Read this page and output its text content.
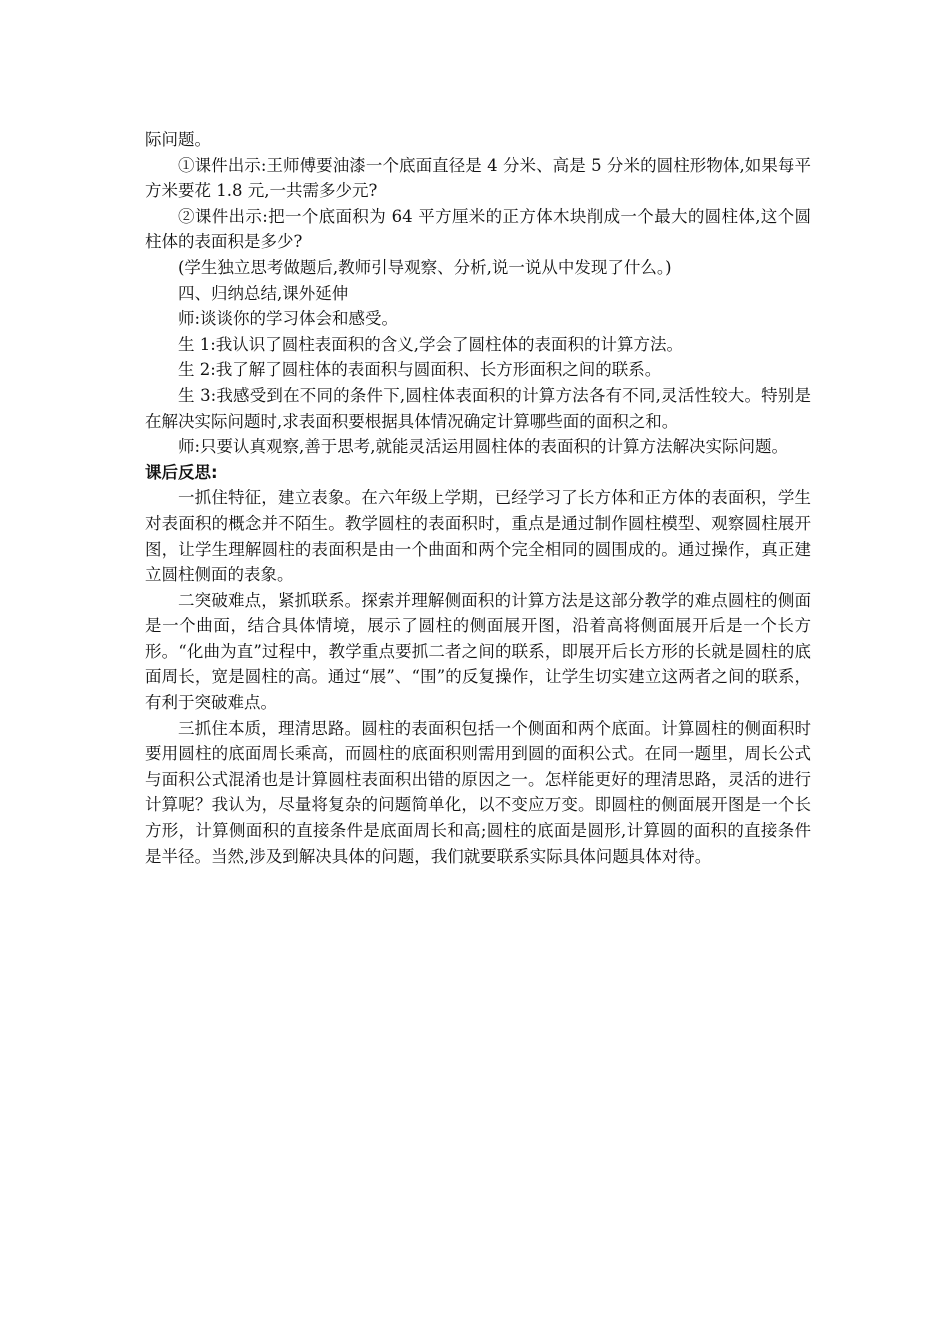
际问题。

①课件出示:王师傅要油漆一个底面直径是 4 分米、高是 5 分米的圆柱形物体,如果每平方米要花 1.8 元,一共需多少元?

②课件出示:把一个底面积为 64 平方厘米的正方体木块削成一个最大的圆柱体,这个圆柱体的表面积是多少?

(学生独立思考做题后,教师引导观察、分析,说一说从中发现了什么。)

四、归纳总结,课外延伸

师:谈谈你的学习体会和感受。

生 1:我认识了圆柱表面积的含义,学会了圆柱体的表面积的计算方法。

生 2:我了解了圆柱体的表面积与圆面积、长方形面积之间的联系。

生 3:我感受到在不同的条件下,圆柱体表面积的计算方法各有不同,灵活性较大。特别是在解决实际问题时,求表面积要根据具体情况确定计算哪些面的面积之和。

师:只要认真观察,善于思考,就能灵活运用圆柱体的表面积的计算方法解决实际问题。

课后反思:

一抓住特征，建立表象。在六年级上学期，已经学习了长方体和正方体的表面积，学生对表面积的概念并不陌生。教学圆柱的表面积时，重点是通过制作圆柱模型、观察圆柱展开图，让学生理解圆柱的表面积是由一个曲面和两个完全相同的圆围成的。通过操作，真正建立圆柱侧面的表象。

二突破难点，紧抓联系。探索并理解侧面积的计算方法是这部分教学的难点圆柱的侧面是一个曲面，结合具体情境，展示了圆柱的侧面展开图，沿着高将侧面展开后是一个长方形。“化曲为直”过程中，教学重点要抓二者之间的联系，即展开后长方形的长就是圆柱的底面周长，宽是圆柱的高。通过“展”、“围”的反复操作，让学生切实建立这两者之间的联系，有利于突破难点。

三抓住本质，理清思路。圆柱的表面积包括一个侧面和两个底面。计算圆柱的侧面积时要用圆柱的底面周长乘高，而圆柱的底面积则需用到圆的面积公式。在同一题里，周长公式与面积公式混淆也是计算圆柱表面积出错的原因之一。怎样能更好的理清思路，灵活的进行计算呢？我认为，尽量将复杂的问题简单化，以不变应万变。即圆柱的侧面展开图是一个长方形，计算侧面积的直接条件是底面周长和高;圆柱的底面是圆形,计算圆的面积的直接条件是半径。当然,涉及到解决具体的问题，我们就要联系实际具体问题具体对待。
